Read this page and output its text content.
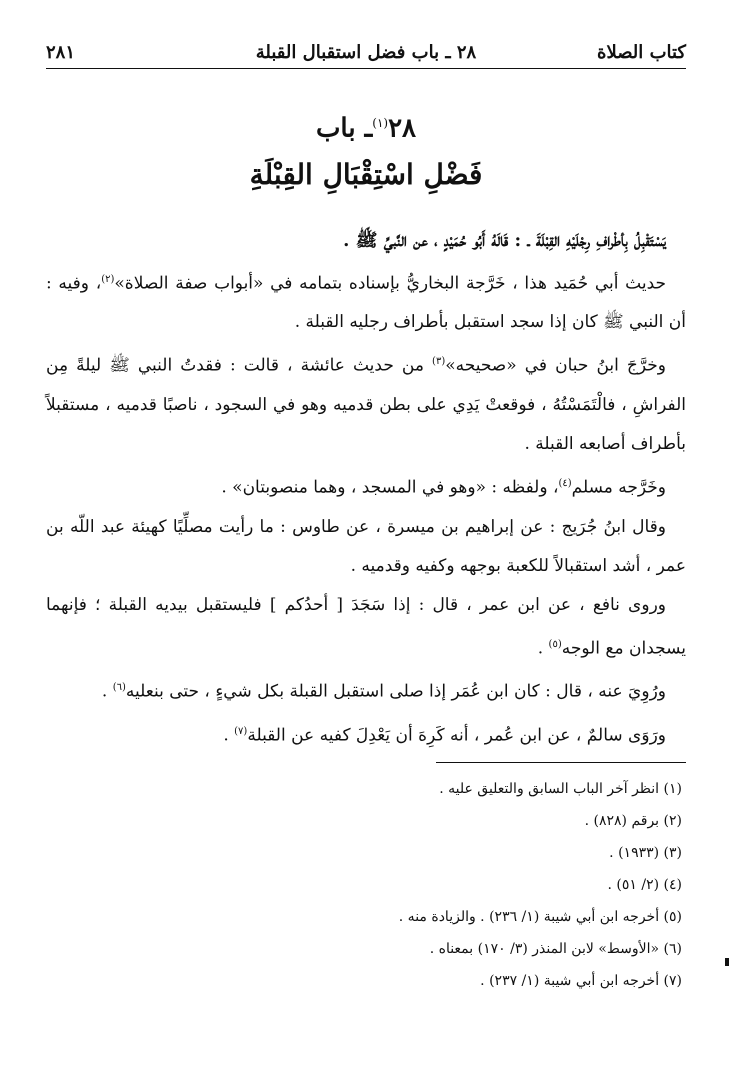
كتاب الصلاة
٢٨ ـ باب فضل استقبال القبلة
٢٨١
٢٨$^{(١)}$ـ باب
فَضْلِ اسْتِقْبَالِ القِبْلَةِ

يَسْتَقْبِلُ بِأطْرافِ رِجْلَيْهِ القِبْلَةَ ـ : قَالَهُ أَبُو حُمَيْدٍ ، عن النَّبيِّ ﷺ .

حديث أبي حُمَيد هذا ، خَرَّجة البخاريُّ بإسناده بتمامه في «أبواب صفة الصلاة»$^{(٢)}$، وفيه : أن النبي ﷺ كان إذا سجد استقبل بأطراف رجليه القبلة .

وخرَّجَ ابنُ حبان في «صحيحه»$^{(٣)}$ من حديث عائشة ، قالت : فقدتُ النبي ﷺ ليلةً مِن الفراشِ ، فالْتَمَسْتُهُ ، فوقعتْ يَدِي على بطن قدميه وهو في السجود ، ناصبًا قدميه ، مستقبلاً بأطراف أصابعه القبلة .

وخَرَّجه مسلم$^{(٤)}$، ولفظه : «وهو في المسجد ، وهما منصوبتان» .

وقال ابنُ جُرَيج : عن إبراهيم بن ميسرة ، عن طاوس : ما رأيت مصلِّيًا كهيئة عبد اللّه بن عمر ، أشد استقبالاً للكعبة بوجهه وكفيه وقدميه .

وروى نافع ، عن ابن عمر ، قال : إذا سَجَدَ [ أحدُكم ] فليستقبل بيديه القبلة ؛ فإنهما يسجدان مع الوجه$^{(٥)}$ .

ورُوِيَ عنه ، قال : كان ابن عُمَر إذا صلى استقبل القبلة بكل شيءٍ ، حتى بنعليه$^{(٦)}$ .

ورَوَى سالمٌ ، عن ابن عُمر ، أنه كَرِهَ أن يَعْدِلَ كفيه عن القبلة$^{(٧)}$ .

(١) انظر آخر الباب السابق والتعليق عليه .
(٢) برقم (٨٢٨) .
(٣) (١٩٣٣) .
(٤) (٢/ ٥١) .
(٥) أخرجه ابن أبي شيبة (١/ ٢٣٦) . والزيادة منه .
(٦) «الأوسط» لابن المنذر (٣/ ١٧٠) بمعناه .
(٧) أخرجه ابن أبي شيبة (١/ ٢٣٧) .
